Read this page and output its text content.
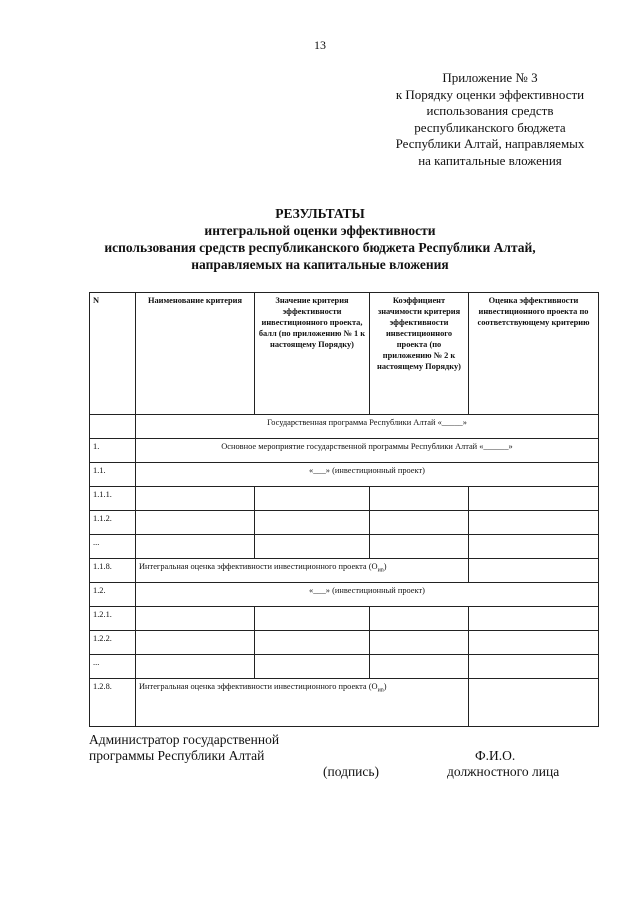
13
Приложение № 3
к Порядку оценки эффективности
использования средств
республиканского бюджета
Республики Алтай, направляемых
на капитальные вложения
РЕЗУЛЬТАТЫ
интегральной оценки эффективности
использования средств республиканского бюджета Республики Алтай,
направляемых на капитальные вложения
N	Наименование критерия	Значение критерия эффективности инвестиционного проекта, балл (по приложению № 1 к настоящему Порядку)	Коэффициент значимости критерия эффективности инвестиционного проекта (по приложению № 2 к настоящему Порядку)	Оценка эффективности инвестиционного проекта по соответствующему критерию
	Государственная программа Республики Алтай «_____»			
1.	Основное мероприятие государственной программы Республики Алтай «______»			
1.1.	«___» (инвестиционный проект)			
1.1.1.				
1.1.2.				
...				
1.1.8.	Интегральная оценка эффективности инвестиционного проекта $(O_{иn})$			
1.2.	«___» (инвестиционный проект)			
1.2.1.				
1.2.2.				
...				
1.2.8.	Интегральная оценка эффективности инвестиционного проекта $(O_{иn})$			
Администратор государственной
программы Республики Алтай	Ф.И.О.
(подпись)	должностного лица
